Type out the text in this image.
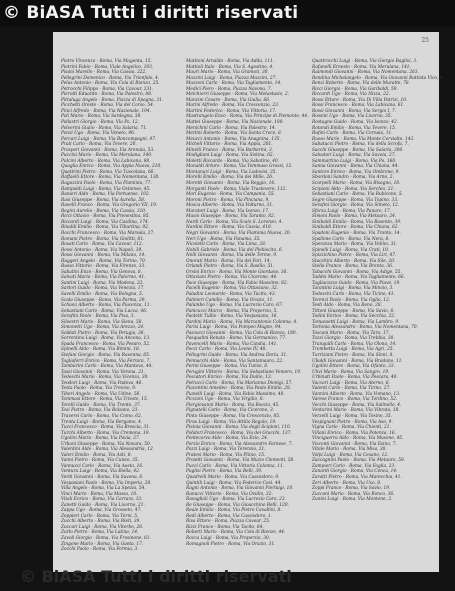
© BiASA Tutti i diritti riservati
25
Pietro Vincenzo - Roma, Via Magenta, 15.
Pietrini Fabio - Roma, Viale Angelico, 103.
Pisani Marello - Roma, Via Cassia, 222.
Pellegrini Domenico - Roma, Via Trionfale, 4.
Pelus Antonio - Roma, Via Cola di Rienzo, 25.
Petrocchi Filippo - Roma, Via Cavour, 231.
Pierotti Eduardo - Roma, Via Palestro, 88.
Pittaluga Angelo - Roma, Piazza di Spagna, 31.
Picchetti Oreste - Roma, Via del Corso, 54.
Pinci Alfredo - Roma, Via Nazionale, 194.
Poli Mario - Roma, Via Sardegna, 38.
Pollastri Giorgio - Roma, Via Po, 12.
Polverini Giulio - Roma, Via Salaria, 71.
Ponzi Ugo - Roma, Via Veneto, 96.
Porcari Luigi - Roma, Via Boncompagni, 47.
Prati Carlo - Roma, Via Tevere, 20.
Prosperi Giovanni - Roma, Via Arenula, 53.
Puccini Mario - Roma, Via Merulana, 140.
Pulcini Alberto - Roma, Via Labicana, 88.
Quaglia Enrico - Roma, Via Appia Nuova, 210.
Quattrini Pietro - Roma, Via Tuscolana, 66.
Raffaelli Ettore - Roma, Via Nomentana, 130.
Ragazzini Paolo - Roma, Via Flaminia, 77.
Rampoldi Luigi - Roma, Via Ostiense, 45.
Ranieri Aldo - Roma, Via Portuense, 102.
Rasi Giuseppe - Roma, Via Aurelia, 58.
Ravelli Franco - Roma, Via Gregorio VII, 19.
Regini Aurelio - Roma, Via Cassia, 310.
Ricci Ottavio - Roma, Via Prenestina, 85.
Riccardi Luigi - Roma, Via Casilina, 174.
Rinaldi Emilio - Roma, Via Tiburtina, 92.
Rocchi Francesco - Roma, Via Marsala, 27.
Romani Pietro - Roma, Via Giolitti, 61.
Rosati Carlo - Roma, Via Cavour, 112.
Rossi Antonio - Roma, Via Napoli, 39.
Rossi Giovanni - Roma, Via Milano, 14.
Ruggeri Angelo - Roma, Via Torino, 70.
Russo Vittorio - Roma, Via Firenze, 33.
Sabatini Enzo - Roma, Via Genova, 8.
Salvati Mario - Roma, Via Palermo, 41.
Santini Luigi - Roma, Via Modena, 22.
Sartori Guido - Roma, Via Venezia, 17.
Savelli Emilio - Roma, Via Bologna, 5.
Scala Giuseppe - Roma, Via Parma, 29.
Schiavi Alberto - Roma, Via Piacenza, 11.
Sebastiani Carlo - Roma, Via Lucca, 46.
Serafini Paolo - Roma, Via Pisa, 3.
Silvestri Mario - Roma, Via Siena, 58.
Simonetti Ugo - Roma, Via Arezzo, 24.
Soldati Pietro - Roma, Via Perugia, 36.
Sorrentino Luigi - Roma, Via Ancona, 13.
Spada Francesco - Roma, Via Pesaro, 52.
Spinelli Aldo - Roma, Via Rimini, 18.
Stefani Giorgio - Roma, Via Ravenna, 65.
Tagliaferri Enrico - Roma, Via Ferrara, 7.
Tamburini Carlo - Roma, Via Mantova, 44.
Tassi Giovanni - Roma, Via Verona, 21.
Tedeschi Mario - Roma, Via Vicenza, 30.
Teodori Luigi - Roma, Via Padova, 48.
Testa Paolo - Roma, Via Treviso, 9.
Tiberi Angelo - Roma, Via Udine, 56.
Tommasi Ettore - Roma, Via Trieste, 15.
Torelli Guido - Roma, Via Trento, 37.
Tosi Pietro - Roma, Via Bolzano, 23.
Traversi Carlo - Roma, Via Como, 62.
Trenta Luigi - Roma, Via Bergamo, 4.
Tucci Francesco - Roma, Via Brescia, 31.
Turchi Alberto - Roma, Via Cremona, 19.
Ugolini Mario - Roma, Via Pavia, 27.
Urbani Giuseppe - Roma, Via Novara, 50.
Valentini Aldo - Roma, Via Alessandria, 12.
Valeri Emilio - Roma, Via Asti, 8.
Vanni Pietro - Roma, Via Cuneo, 35.
Vannucci Carlo - Roma, Via Aosta, 16.
Ventura Luigi - Roma, Via Biella, 42.
Verdi Giovanni - Roma, Via Savona, 6.
Vespasiani Paolo - Roma, Via Imperia, 28.
Villa Angelo - Roma, Via La Spezia, 54.
Vinci Mario - Roma, Via Massa, 10.
Vitali Enrico - Roma, Via Carrara, 33.
Zanetti Guido - Roma, Via Livorno, 21.
Zappa Ugo - Roma, Via Grosseto, 47.
Zeppieri Carlo - Roma, Via Terni, 5.
Zucchi Alberto - Roma, Via Rieti, 39.
Zuccari Luigi - Roma, Via Viterbo, 26.
Zurlo Pietro - Roma, Via Latina, 14.
Zavoli Giorgio - Roma, Via Frosinone, 61.
Zingone Mario - Roma, Via Gaeta, 17.
Zocchi Paolo - Roma, Via Formia, 3.
Mattioni Arnaldo - Roma, Via Adda, 111.
Mattioli Italo - Roma, Via S. Agostino, 4.
Mauri Mario - Roma, Via Gramsci, 30.
Mazzini Luigi - Roma, Piazza Mazzini, 27.
Mazzoni Carlo - Roma, Via Tagliamento, 14.
Medici Piero - Roma, Piazza Navona, 7.
Melchiorri Giuseppe - Roma, Via Metastasio, 2.
Mancini Cesare - Roma, Via Giulia, 66.
Marini Alfredo - Roma, Via Crescenzio, 23.
Martini Federico - Roma, Via Vittoria, 17.
Mastrangelo Enzo - Roma, Via Principe di Piemonte, 44.
Mattei Giuseppe - Roma, Via Nazionale, 180.
Menichini Carlo - Roma, Via Palestro, 14.
Merlini Roberto - Roma, Via Santa Croce, 8.
Meucci Antonio - Roma, Via Anagnina, 135.
Micheli Vittorio - Roma, Via Appia, 201.
Minelli Franco - Roma, Via Barberini, 3.
Modigliani Luigi - Roma, Via Sistina, 62.
Moletti Riccardo - Roma, Via Sabotino, 40.
Monaldi Arturo - Roma, Via Tommaso Grossi, 12.
Montanari Luigi - Roma, Via Ludovisi, 35.
Morelli Emilio - Roma, Via dei Mille, 26.
Moretti Giovanni - Roma, Via Reggio, 16.
Morganti Paolo - Roma, Viale Trastevere, 112.
Mori Eugenio - Roma, Via Campania, 55.
Moroni Pietro - Roma, Via Pinciana, 9.
Mosca Alberto - Roma, Via Volturno, 31.
Muratori Luigi - Roma, Via Isonzo, 17.
Musio Giuseppe - Roma, Via Taranto, 82.
Nardi Carlo - Roma, Via Scalo S. Lorenzo, 4.
Nardini Ettore - Roma, Via Cassia, 410.
Negri Giovanni - Roma, Via Flaminia Nuova, 20.
Neri Ugo - Roma, Via Panama, 35.
Nicoletti Carlo - Roma, Via Lima, 28.
Nobili Gabriele - Roma, Via del Plebiscito, 6.
Nolli Giovanni - Roma, Via delle Terme, 9.
Onorati Mario - Roma, Via dei Fori, 14.
Orlandi Pietro - Roma, Via S. Basilio, 51.
Orsini Enrico - Roma, Via Monte Giordano, 36.
Ottaviani Pietro - Roma, Via Cicerone, 44.
Pace Giuseppe - Roma, Via Fabio Massimo, 82.
Pacelli Eugenio - Roma, Via Ottaviano, 32.
Paladini Leonardo - Roma, Via Tacito, 43.
Palmieri Camillo - Roma, Via Orazio, 11.
Palumbo Ugo - Roma, Via Lucrezio Caro, 67.
Panicucci Marco - Roma, Via Properzio, 5.
Paoletti Tullio - Roma, Via Vespasiano, 16.
Pardini Mario - Roma, Via Marcantonio Colonna, 4.
Parisi Luigi - Roma, Via Pompeo Magno, 94.
Pascucci Giovanni - Roma, Via Cola di Rienzo, 180.
Pasqualini Renato - Roma, Via Germanico, 77.
Pavoncelli Mario - Roma, Via Candia, 141.
Pecci Carlo - Roma, Via Leone IV, 48.
Pellegrini Guido - Roma, Via Andrea Doria, 31.
Pennacchi Aldo - Roma, Via Santamaura, 22.
Perini Giuseppe - Roma, Via Tunisi, 6.
Perugini Vittorio - Roma, Via Sebastiano Veniero, 19.
Pescatori Enrico - Roma, Via Duilio, 13.
Petrucci Carlo - Roma, Via Marianna Dionigi, 57.
Piacentini Amedeo - Roma, Via Paolo Emilio, 28.
Pianelli Luigi - Roma, Via Fabio Massimo, 40.
Piccioni Ugo - Roma, Via Virgilio, 8.
Piergiovanni Mario - Roma, Via Boezio, 45.
Pignatelli Carlo - Roma, Via Cicerone, 3.
Pinto Giuseppe - Roma, Via Crescenzio, 85.
Piras Luigi - Roma, Via Attilio Regolo, 19.
Pistoia Giovanni - Roma, Via degli Scipioni, 110.
Polidori Francesco - Roma, Via dei Gracchi, 137.
Pontecorvo Aldo - Roma, Via Ezio, 24.
Porzio Enrico - Roma, Via Alessandro Farnese, 7.
Pozzi Luigi - Roma, Via Terenzio, 21.
Pratesi Mario - Roma, Via Plinio, 15.
Proietti Giovanni - Roma, Via Muzio Clementi, 58.
Pucci Carlo - Roma, Via Vittoria Colonna, 11.
Puglisi Pietro - Roma, Via Belli, 39.
Quadrelli Mario - Roma, Via Cassiodoro, 9.
Quintili Luigi - Roma, Via Federico Cesi, 44.
Ragni Antonio - Roma, Via Giovanni Pierluigi, 18.
Ranucci Vittorio - Roma, Via Ovidio, 32.
Ravaglioli Ugo - Roma, Via Lucrezio Caro, 23.
Re Giuseppe - Roma, Via Gioacchino Belli, 120.
Reale Emilio - Roma, Via Pietro Cavallini, 8.
Redi Alberto - Roma, Via Cassiodoro, 1.
Riva Ettore - Roma, Piazza Cavour, 25.
Rizzi Franco - Roma, Via Tacito, 64.
Roberti Mario - Roma, Via Cola di Rienzo, 44.
Rocca Luigi - Roma, Via Properzio, 30.
Romagnoli Pietro - Roma, Via Orazio, 31.
Quattrocchi Luigi - Roma, Via Giorgio Baglivi, 3.
Rafanelli Ernesto - Roma, Via Merulana, 141.
Raimondi Giovanni - Roma, Via Nomentana, 263.
Rendina Michelangelo - Roma, Via Giovanni Battista Vico, 4.
Renzi Roberto - Roma, Via delle Muratte, 78.
Ricci Giorgio - Roma, Via Garibaldi, 59.
Riccardi Ugo - Roma, Via Nizza, 22.
Rossi Ettore - Roma, Via Di Villa Patrizi, 10.
Rossi Francesco - Roma, Via Labicana, 61.
Rossi Giovanni - Roma, Via Sergio I, 7.
Rossini Ugo - Roma, Via Livorno, 35.
Rostagno Guido - Roma, Via Isonzo, 42.
Rotondi Emilio - Roma, Via Tevere, 15.
Rufini Carlo - Roma, Via Cernaia, 11.
Russo Mario - Roma, Via Monte Cervialto, 142.
Sabatucci Pietro - Roma, Via della Scrofa, 7.
Sacchi Giuseppe - Roma, Via Salaria, 300.
Salvatori Luigi - Roma, Via Savoia, 27.
Sammartino Luigi - Roma, Via Po, 160.
Sanna Giovanni - Roma, Via Chiana, 44.
Santoro Enrico - Roma, Via Ombrone, 9.
Sbordoni Sandro - Roma, Via Arno, 2.
Scarpelli Mario - Roma, Via Bisagno, 18.
Scipioni Aldo - Roma, Via Serchio, 21.
Sebastiani Carlo - Roma, Via Rubicone, 5.
Segre Giuseppe - Roma, Via Topino, 33.
Serafini Giorgio - Roma, Via Simeto, 12.
Sforza Luigi - Roma, Via Panaro, 17.
Simoni Paolo - Roma, Via Metauro, 24.
Sinibaldi Emilio - Roma, Via Basento, 39.
Sinibaldi Ettore - Roma, Via Chiana, 62.
Spadoni Eugenio - Roma, Via Tronto, 14.
Spallone Carlo - Roma, Via Nera, 8.
Speranza Mario - Roma, Via Velino, 31.
Spinelli Luigi - Roma, Via Crati, 10.
Spizzichino Pietro - Roma, Via Liri, 47.
Stacchini Alberto - Roma, Via Sile, 20.
Stella Franco - Roma, Via Brenta, 36.
Tabacchi Giovanni - Roma, Via Adige, 55.
Taddei Mario - Roma, Via Tagliamento, 66.
Tagliacozzo Guido - Roma, Via Piave, 19.
Tarantini Luigi - Roma, Via Mincio, 3.
Tedeschi Carlo - Roma, Via Ticino, 41.
Terenzi Paolo - Roma, Via Oglio, 12.
Testi Aldo - Roma, Via Reno, 28.
Tittoni Giuseppe - Roma, Via Savio, 6.
Todini Enrico - Roma, Via Secchia, 22.
Tomassetti Luigi - Roma, Via Lambro, 9.
Torlonia Alessandro - Roma, Via Nomentana, 70.
Toscani Mario - Roma, Via Taro, 17.
Tozzi Giorgio - Roma, Via Trebbia, 30.
Tranquilli Carlo - Roma, Via Olona, 14.
Trombetta Luigi - Roma, Via Agri, 25.
Turriziani Pietro - Roma, Via Sinni, 8.
Ubaldi Giovanni - Roma, Via Bradano, 11.
Ugolini Ettore - Roma, Via Ofanto, 33.
Ulivi Mario - Roma, Via Sangro, 19.
Urbinati Paolo - Roma, Via Pescara, 40.
Vaccari Luigi - Roma, Via Aterno, 6.
Valenti Carlo - Roma, Via Tirino, 27.
Vannini Alberto - Roma, Via Vomano, 13.
Varese Franco - Roma, Via Tordino, 52.
Vecchi Giuseppe - Roma, Via Salinello, 4.
Venturini Mario - Roma, Via Vibrata, 18.
Verzelli Luigi - Roma, Via Tesino, 35.
Vespignani Pietro - Roma, Via Aso, 9.
Vigna Carlo - Roma, Via Chienti, 21.
Villani Enrico - Roma, Via Potenza, 16.
Vinciguerra Aldo - Roma, Via Musone, 45.
Visconti Giovanni - Roma, Via Esino, 7.
Vitale Mario - Roma, Via Misa, 30.
Volpi Luigi - Roma, Via Cesano, 12.
Zaccagnini Paolo - Roma, Via Metauro, 58.
Zampieri Carlo - Roma, Via Foglia, 23.
Zanardi Giorgio - Roma, Via Conca, 14.
Zaratti Pietro - Roma, Via Marecchia, 41.
Zeri Alberto - Roma, Via Uso, 8.
Zoppi Franco - Roma, Via Savio, 19.
Zucconi Mario - Roma, Via Ronco, 36.
Zunini Luigi - Roma, Via Montone, 2.
© BiASA Tutti i diritti riservati
